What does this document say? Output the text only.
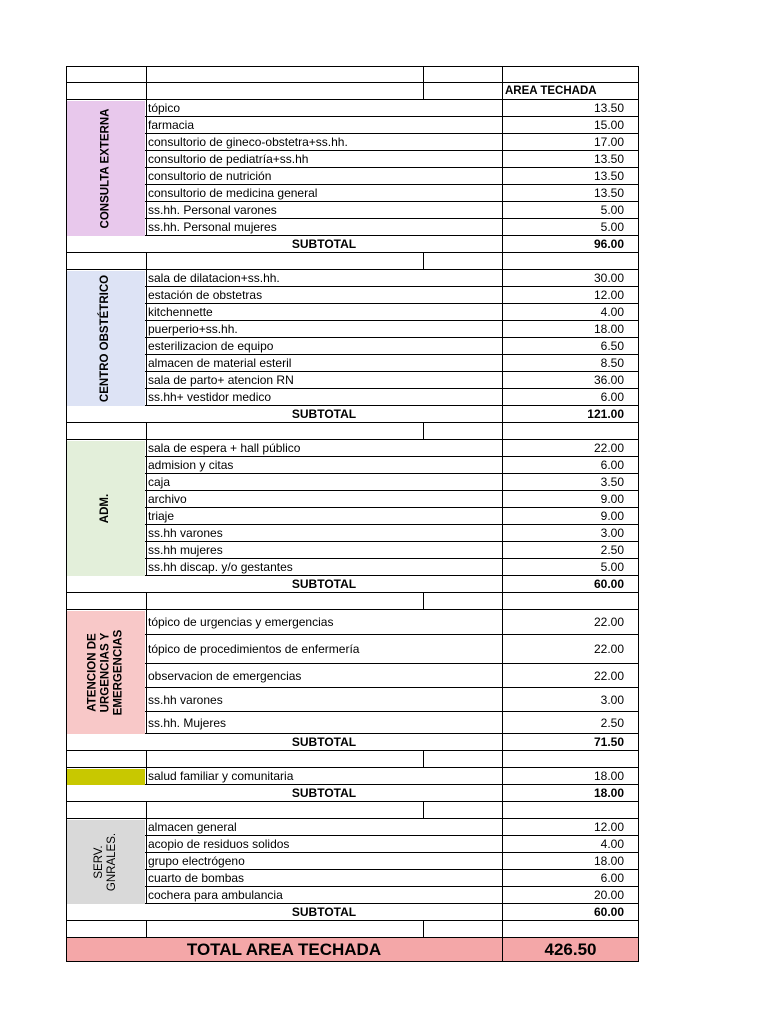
AREA TECHADA
tópico	13.50
farmacia	15.00
consultorio de gineco-obstetra+ss.hh.	17.00
consultorio de pediatría+ss.hh	13.50
consultorio de nutrición	13.50
consultorio de medicina general	13.50
ss.hh. Personal varones	5.00
ss.hh. Personal mujeres	5.00
CONSULTA EXTERNA
SUBTOTAL	96.00
sala de dilatacion+ss.hh.	30.00
estación de obstetras	12.00
kitchennette	4.00
puerperio+ss.hh.	18.00
esterilizacion de equipo	6.50
almacen de material esteril	8.50
sala de parto+ atencion RN	36.00
ss.hh+ vestidor medico	6.00
CENTRO OBSTÉTRICO
SUBTOTAL	121.00
sala de espera + hall público	22.00
admision y citas	6.00
caja	3.50
archivo	9.00
triaje	9.00
ss.hh varones	3.00
ss.hh mujeres	2.50
ss.hh discap. y/o gestantes	5.00
ADM.
SUBTOTAL	60.00
tópico de urgencias y emergencias	22.00
tópico de procedimientos de enfermería	22.00
observacion de emergencias	22.00
ss.hh varones	3.00
ss.hh. Mujeres	2.50
ATENCION DE URGENCIAS Y EMERGENCIAS
SUBTOTAL	71.50
salud familiar y comunitaria	18.00
SUBTOTAL	18.00
almacen general	12.00
acopio de residuos solidos	4.00
grupo electrógeno	18.00
cuarto de bombas	6.00
cochera para ambulancia	20.00
SERV. GNRALES.
SUBTOTAL	60.00
TOTAL AREA TECHADA	426.50
